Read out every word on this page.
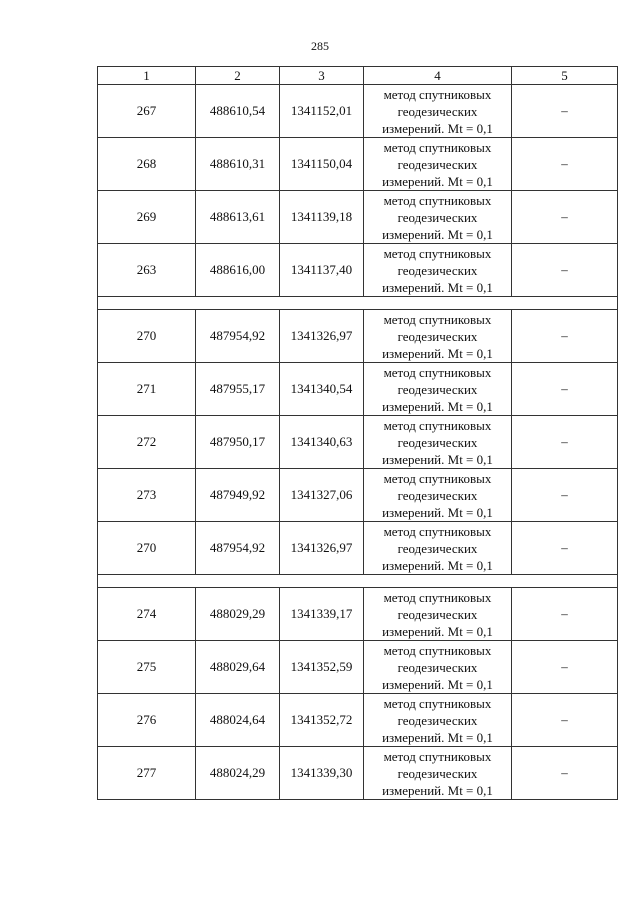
285
1	2	3	4	5
267	488610,54	1341152,01	метод спутниковых
геодезических
измерений. Mt = 0,1	–
268	488610,31	1341150,04	метод спутниковых
геодезических
измерений. Mt = 0,1	–
269	488613,61	1341139,18	метод спутниковых
геодезических
измерений. Mt = 0,1	–
263	488616,00	1341137,40	метод спутниковых
геодезических
измерений. Mt = 0,1	–

270	487954,92	1341326,97	метод спутниковых
геодезических
измерений. Mt = 0,1	–
271	487955,17	1341340,54	метод спутниковых
геодезических
измерений. Mt = 0,1	–
272	487950,17	1341340,63	метод спутниковых
геодезических
измерений. Mt = 0,1	–
273	487949,92	1341327,06	метод спутниковых
геодезических
измерений. Mt = 0,1	–
270	487954,92	1341326,97	метод спутниковых
геодезических
измерений. Mt = 0,1	–

274	488029,29	1341339,17	метод спутниковых
геодезических
измерений. Mt = 0,1	–
275	488029,64	1341352,59	метод спутниковых
геодезических
измерений. Mt = 0,1	–
276	488024,64	1341352,72	метод спутниковых
геодезических
измерений. Mt = 0,1	–
277	488024,29	1341339,30	метод спутниковых
геодезических
измерений. Mt = 0,1	–
